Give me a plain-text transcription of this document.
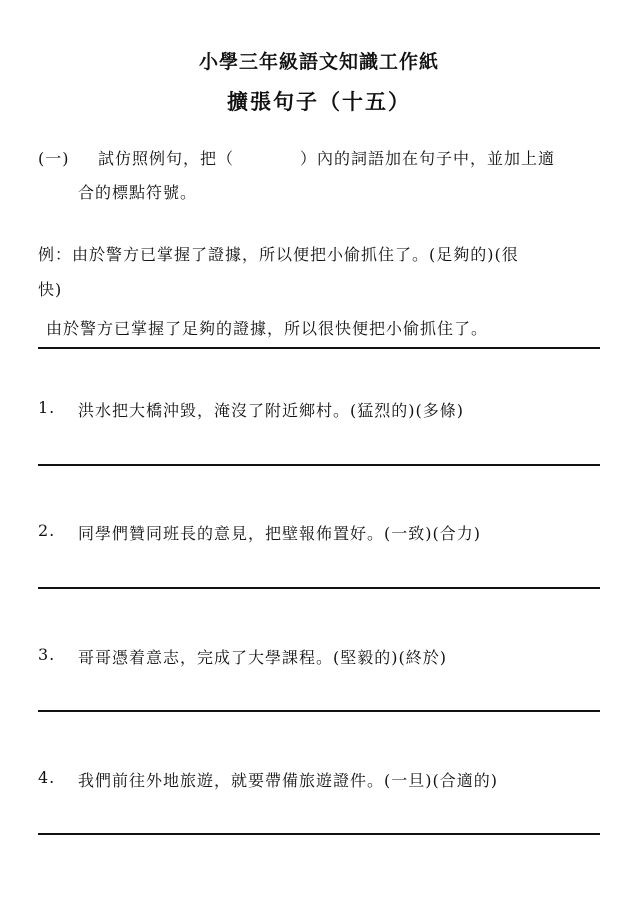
小學三年級語文知識工作紙
擴張句子（十五）
(一) 試仿照例句，把（	）內的詞語加在句子中，並加上適
合的標點符號。
例：由於警方已掌握了證據，所以便把小偷抓住了。(足夠的)(很
快)
由於警方已掌握了足夠的證據，所以很快便把小偷抓住了。
1. 洪水把大橋沖毀，淹沒了附近鄉村。(猛烈的)(多條)
2. 同學們贊同班長的意見，把壁報佈置好。(一致)(合力)
3. 哥哥憑着意志，完成了大學課程。(堅毅的)(終於)
4. 我們前往外地旅遊，就要帶備旅遊證件。(一旦)(合適的)
